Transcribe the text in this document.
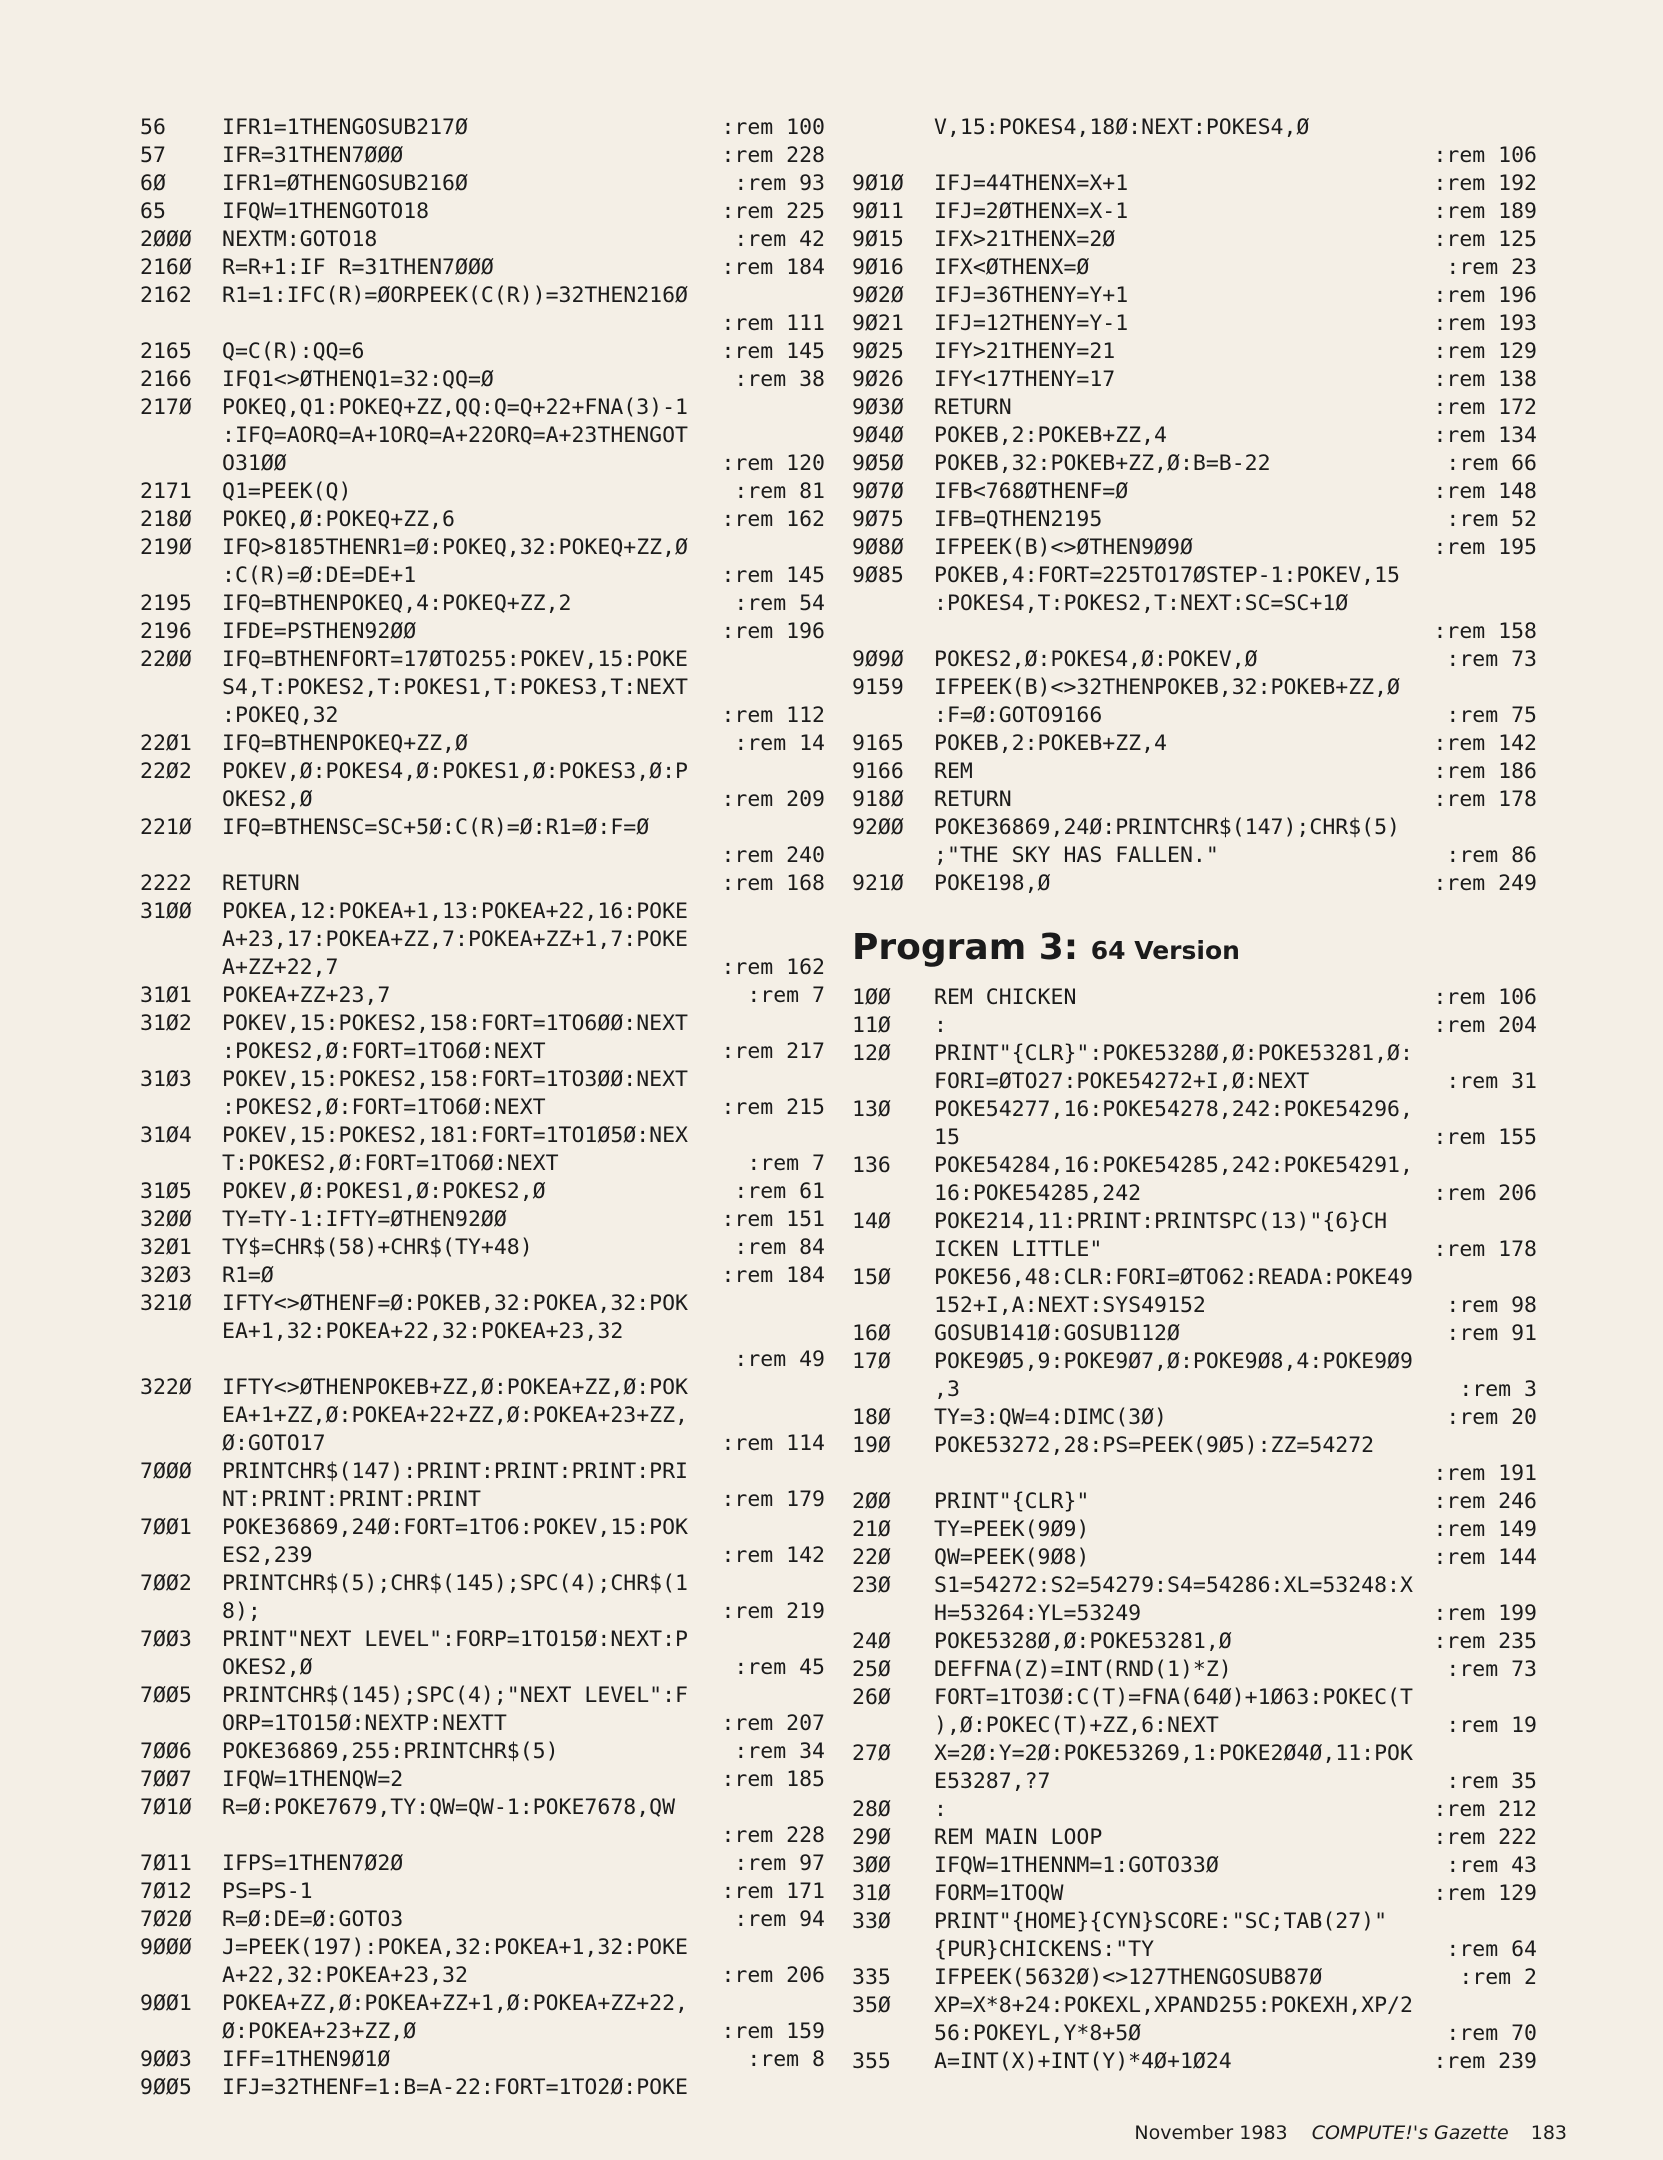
56	IFR1=1THENGOSUB217Ø	:rem 100
57	IFR=31THEN7ØØØ	:rem 228
6Ø	IFR1=ØTHENGOSUB216Ø	:rem 93
65	IFQW=1THENGOTO18	:rem 225
2ØØØ	NEXTM:GOTO18	:rem 42
216Ø	R=R+1:IF R=31THEN7ØØØ	:rem 184
2162	R1=1:IFC(R)=ØORPEEK(C(R))=32THEN216Ø
:rem 111
2165	Q=C(R):QQ=6	:rem 145
2166	IFQ1<>ØTHENQ1=32:QQ=Ø	:rem 38
217Ø	POKEQ,Q1:POKEQ+ZZ,QQ:Q=Q+22+FNA(3)-1
:IFQ=AORQ=A+1ORQ=A+22ORQ=A+23THENGOT
O31ØØ	:rem 120
2171	Q1=PEEK(Q)	:rem 81
218Ø	POKEQ,Ø:POKEQ+ZZ,6	:rem 162
219Ø	IFQ>8185THENR1=Ø:POKEQ,32:POKEQ+ZZ,Ø
:C(R)=Ø:DE=DE+1	:rem 145
2195	IFQ=BTHENPOKEQ,4:POKEQ+ZZ,2	:rem 54
2196	IFDE=PSTHEN92ØØ	:rem 196
22ØØ	IFQ=BTHENFORT=17ØTO255:POKEV,15:POKE
S4,T:POKES2,T:POKES1,T:POKES3,T:NEXT
:POKEQ,32	:rem 112
22Ø1	IFQ=BTHENPOKEQ+ZZ,Ø	:rem 14
22Ø2	POKEV,Ø:POKES4,Ø:POKES1,Ø:POKES3,Ø:P
OKES2,Ø	:rem 209
221Ø	IFQ=BTHENSC=SC+5Ø:C(R)=Ø:R1=Ø:F=Ø
:rem 240
2222	RETURN	:rem 168
31ØØ	POKEA,12:POKEA+1,13:POKEA+22,16:POKE
A+23,17:POKEA+ZZ,7:POKEA+ZZ+1,7:POKE
A+ZZ+22,7	:rem 162
31Ø1	POKEA+ZZ+23,7	:rem 7
31Ø2	POKEV,15:POKES2,158:FORT=1TO6ØØ:NEXT
:POKES2,Ø:FORT=1TO6Ø:NEXT	:rem 217
31Ø3	POKEV,15:POKES2,158:FORT=1TO3ØØ:NEXT
:POKES2,Ø:FORT=1TO6Ø:NEXT	:rem 215
31Ø4	POKEV,15:POKES2,181:FORT=1TO1Ø5Ø:NEX
T:POKES2,Ø:FORT=1TO6Ø:NEXT	:rem 7
31Ø5	POKEV,Ø:POKES1,Ø:POKES2,Ø	:rem 61
32ØØ	TY=TY-1:IFTY=ØTHEN92ØØ	:rem 151
32Ø1	TY$=CHR$(58)+CHR$(TY+48)	:rem 84
32Ø3	R1=Ø	:rem 184
321Ø	IFTY<>ØTHENF=Ø:POKEB,32:POKEA,32:POK
EA+1,32:POKEA+22,32:POKEA+23,32
:rem 49
322Ø	IFTY<>ØTHENPOKEB+ZZ,Ø:POKEA+ZZ,Ø:POK
EA+1+ZZ,Ø:POKEA+22+ZZ,Ø:POKEA+23+ZZ,
Ø:GOTO17	:rem 114
7ØØØ	PRINTCHR$(147):PRINT:PRINT:PRINT:PRI
NT:PRINT:PRINT:PRINT	:rem 179
7ØØ1	POKE36869,24Ø:FORT=1TO6:POKEV,15:POK
ES2,239	:rem 142
7ØØ2	PRINTCHR$(5);CHR$(145);SPC(4);CHR$(1
8);	:rem 219
7ØØ3	PRINT"NEXT LEVEL":FORP=1TO15Ø:NEXT:P
OKES2,Ø	:rem 45
7ØØ5	PRINTCHR$(145);SPC(4);"NEXT LEVEL":F
ORP=1TO15Ø:NEXTP:NEXTT	:rem 207
7ØØ6	POKE36869,255:PRINTCHR$(5)	:rem 34
7ØØ7	IFQW=1THENQW=2	:rem 185
7Ø1Ø	R=Ø:POKE7679,TY:QW=QW-1:POKE7678,QW
:rem 228
7Ø11	IFPS=1THEN7Ø2Ø	:rem 97
7Ø12	PS=PS-1	:rem 171
7Ø2Ø	R=Ø:DE=Ø:GOTO3	:rem 94
9ØØØ	J=PEEK(197):POKEA,32:POKEA+1,32:POKE
A+22,32:POKEA+23,32	:rem 206
9ØØ1	POKEA+ZZ,Ø:POKEA+ZZ+1,Ø:POKEA+ZZ+22,
Ø:POKEA+23+ZZ,Ø	:rem 159
9ØØ3	IFF=1THEN9Ø1Ø	:rem 8
9ØØ5	IFJ=32THENF=1:B=A-22:FORT=1TO2Ø:POKE
V,15:POKES4,18Ø:NEXT:POKES4,Ø
:rem 106
9Ø1Ø	IFJ=44THENX=X+1	:rem 192
9Ø11	IFJ=2ØTHENX=X-1	:rem 189
9Ø15	IFX>21THENX=2Ø	:rem 125
9Ø16	IFX<ØTHENX=Ø	:rem 23
9Ø2Ø	IFJ=36THENY=Y+1	:rem 196
9Ø21	IFJ=12THENY=Y-1	:rem 193
9Ø25	IFY>21THENY=21	:rem 129
9Ø26	IFY<17THENY=17	:rem 138
9Ø3Ø	RETURN	:rem 172
9Ø4Ø	POKEB,2:POKEB+ZZ,4	:rem 134
9Ø5Ø	POKEB,32:POKEB+ZZ,Ø:B=B-22	:rem 66
9Ø7Ø	IFB<768ØTHENF=Ø	:rem 148
9Ø75	IFB=QTHEN2195	:rem 52
9Ø8Ø	IFPEEK(B)<>ØTHEN9Ø9Ø	:rem 195
9Ø85	POKEB,4:FORT=225TO17ØSTEP-1:POKEV,15
:POKES4,T:POKES2,T:NEXT:SC=SC+1Ø
:rem 158
9Ø9Ø	POKES2,Ø:POKES4,Ø:POKEV,Ø	:rem 73
9159	IFPEEK(B)<>32THENPOKEB,32:POKEB+ZZ,Ø
:F=Ø:GOTO9166	:rem 75
9165	POKEB,2:POKEB+ZZ,4	:rem 142
9166	REM	:rem 186
918Ø	RETURN	:rem 178
92ØØ	POKE36869,24Ø:PRINTCHR$(147);CHR$(5)
;"THE SKY HAS FALLEN."	:rem 86
921Ø	POKE198,Ø	:rem 249
Program 3: 64 Version
1ØØ	REM CHICKEN	:rem 106
11Ø	:	:rem 204
12Ø	PRINT"{CLR}":POKE5328Ø,Ø:POKE53281,Ø:
FORI=ØTO27:POKE54272+I,Ø:NEXT	:rem 31
13Ø	POKE54277,16:POKE54278,242:POKE54296,
15	:rem 155
136	POKE54284,16:POKE54285,242:POKE54291,
16:POKE54285,242	:rem 206
14Ø	POKE214,11:PRINT:PRINTSPC(13)"{6}CH
ICKEN LITTLE"	:rem 178
15Ø	POKE56,48:CLR:FORI=ØTO62:READA:POKE49
152+I,A:NEXT:SYS49152	:rem 98
16Ø	GOSUB141Ø:GOSUB112Ø	:rem 91
17Ø	POKE9Ø5,9:POKE9Ø7,Ø:POKE9Ø8,4:POKE9Ø9
,3	:rem 3
18Ø	TY=3:QW=4:DIMC(3Ø)	:rem 20
19Ø	POKE53272,28:PS=PEEK(9Ø5):ZZ=54272
:rem 191
2ØØ	PRINT"{CLR}"	:rem 246
21Ø	TY=PEEK(9Ø9)	:rem 149
22Ø	QW=PEEK(9Ø8)	:rem 144
23Ø	S1=54272:S2=54279:S4=54286:XL=53248:X
H=53264:YL=53249	:rem 199
24Ø	POKE5328Ø,Ø:POKE53281,Ø	:rem 235
25Ø	DEFFNA(Z)=INT(RND(1)*Z)	:rem 73
26Ø	FORT=1TO3Ø:C(T)=FNA(64Ø)+1Ø63:POKEC(T
),Ø:POKEC(T)+ZZ,6:NEXT	:rem 19
27Ø	X=2Ø:Y=2Ø:POKE53269,1:POKE2Ø4Ø,11:POK
E53287,?7	:rem 35
28Ø	:	:rem 212
29Ø	REM MAIN LOOP	:rem 222
3ØØ	IFQW=1THENNM=1:GOTO33Ø	:rem 43
31Ø	FORM=1TOQW	:rem 129
33Ø	PRINT"{HOME}{CYN}SCORE:"SC;TAB(27)"
{PUR}CHICKENS:"TY	:rem 64
335	IFPEEK(5632Ø)<>127THENGOSUB87Ø	:rem 2
35Ø	XP=X*8+24:POKEXL,XPAND255:POKEXH,XP/2
56:POKEYL,Y*8+5Ø	:rem 70
355	A=INT(X)+INT(Y)*4Ø+1Ø24	:rem 239
November 1983 COMPUTE!'s Gazette 183
